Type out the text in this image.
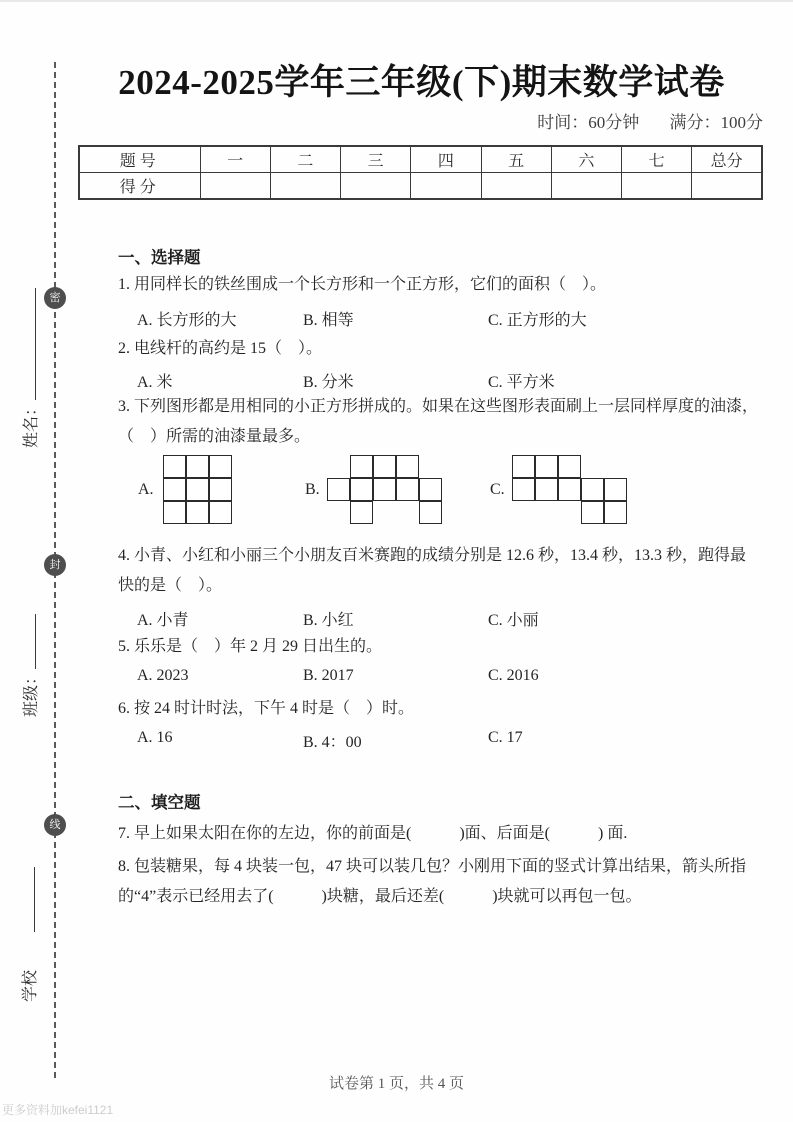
密
封
线
姓名：
班级：
学校
2024-2025学年三年级(下)期末数学试卷
时间：60分钟 满分：100分
题号	一	二	三	四	五	六	七	总分
得分								
一、选择题
1. 用同样长的铁丝围成一个长方形和一个正方形，它们的面积（　）。
A. 长方形的大	B. 相等	C. 正方形的大
2. 电线杆的高约是 15（　）。
A. 米	B. 分米	C. 平方米
3. 下列图形都是用相同的小正方形拼成的。如果在这些图形表面刷上一层同样厚度的油漆，
（　）所需的油漆量最多。
A.	B.	C.
4. 小青、小红和小丽三个小朋友百米赛跑的成绩分别是 12.6 秒，13.4 秒，13.3 秒，跑得最
快的是（　）。
A. 小青	B. 小红	C. 小丽
5. 乐乐是（　）年 2 月 29 日出生的。
A. 2023	B. 2017	C. 2016
6. 按 24 时计时法，下午 4 时是（　）时。
A. 16	B. 4：00	C. 17
二、填空题
7. 早上如果太阳在你的左边，你的前面是(　　　)面、后面是(　　　) 面.
8. 包装糖果，每 4 块装一包，47 块可以装几包？小刚用下面的竖式计算出结果，箭头所指
的“4”表示已经用去了(　　　)块糖，最后还差(　　　)块就可以再包一包。
试卷第 1 页，共 4 页
更多资料加kefei1121
